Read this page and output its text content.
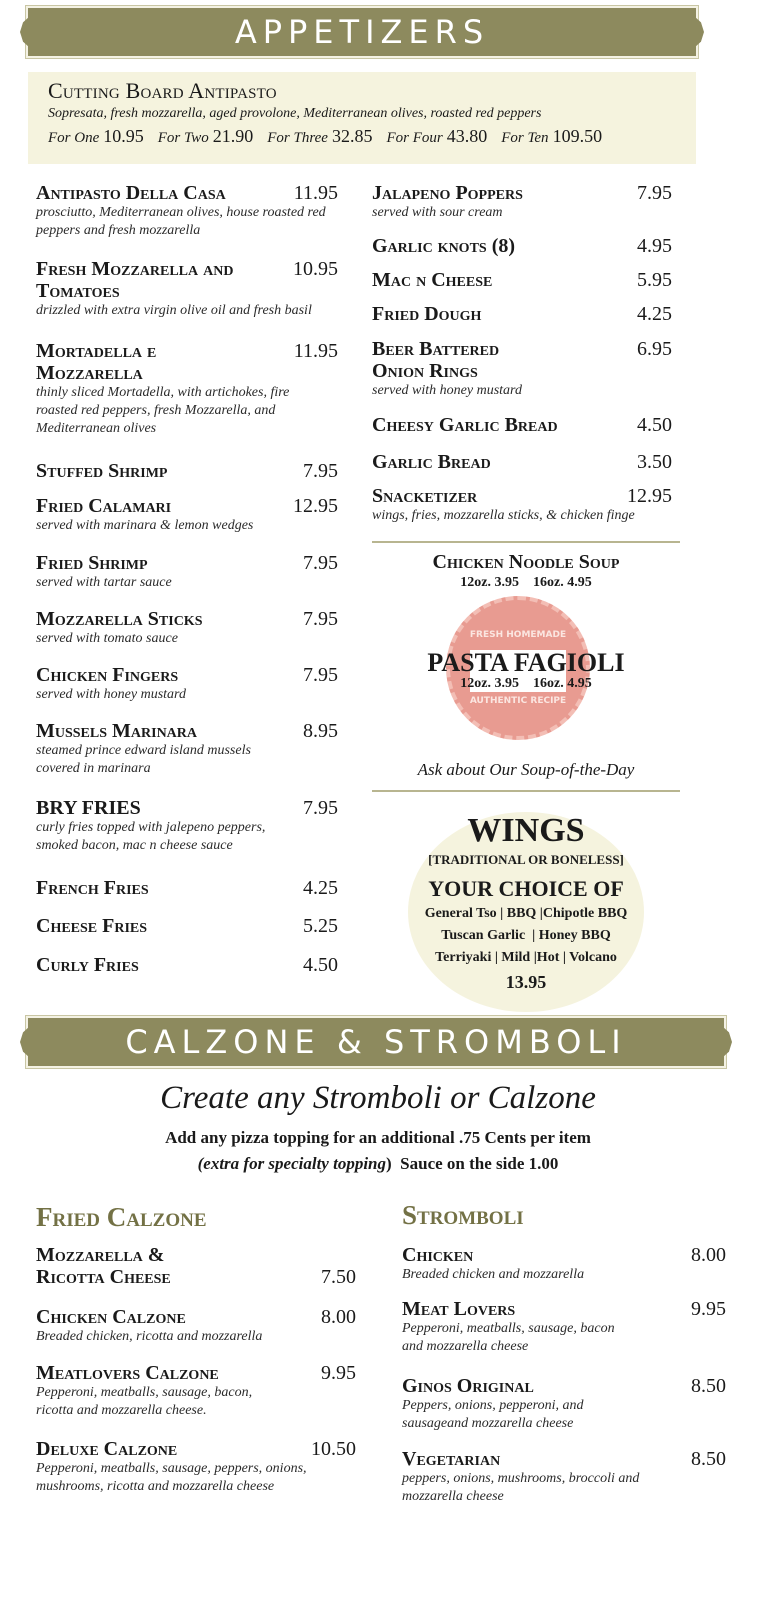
APPETIZERS
Cutting Board Antipasto
Sopresata, fresh mozzarella, aged provolone, Mediterranean olives, roasted red peppers
For One 10.95 For Two 21.90 For Three 32.85 For Four 43.80 For Ten 109.50
Antipasto Della Casa	11.95
prosciutto, Mediterranean olives, house roasted red peppers and fresh mozzarella
Fresh Mozzarella and Tomatoes
10.95
drizzled with extra virgin olive oil and fresh basil
Mortadella e Mozzarella
11.95
thinly sliced Mortadella, with artichokes, fire roasted red peppers, fresh Mozzarella, and Mediterranean olives
Stuffed Shrimp	7.95
Fried Calamari	12.95
served with marinara & lemon wedges
Fried Shrimp	7.95
served with tartar sauce
Mozzarella Sticks	7.95
served with tomato sauce
Chicken Fingers	7.95
served with honey mustard
Mussels Marinara	8.95
steamed prince edward island mussels covered in marinara
BRY FRIES	7.95
curly fries topped with jalepeno peppers, smoked bacon, mac n cheese sauce
French Fries	4.25
Cheese Fries	5.25
Curly Fries	4.50
Jalapeno Poppers	7.95
served with sour cream
Garlic knots (8)	4.95
Mac n Cheese	5.95
Fried Dough	4.25
Beer Battered Onion Rings
6.95
served with honey mustard
Cheesy Garlic Bread	4.50
Garlic Bread	3.50
Snacketizer	12.95
wings, fries, mozzarella sticks, & chicken finge
Chicken Noodle Soup
12oz. 3.95    16oz. 4.95
FRESH HOMEMADE
AUTHENTIC RECIPE
PASTA FAGIOLI
12oz. 3.95    16oz. 4.95
Ask about Our Soup-of-the-Day
WINGS
[TRADITIONAL OR BONELESS]
YOUR CHOICE OF
General Tso | BBQ |Chipotle BBQ
Tuscan Garlic  | Honey BBQ
Terriyaki | Mild |Hot | Volcano
13.95
CALZONE & STROMBOLI
Create any Stromboli or Calzone
Add any pizza topping for an additional .75 Cents per item
(extra for specialty topping)  Sauce on the side 1.00
Fried Calzone
Mozzarella & Ricotta Cheese	7.50
Chicken Calzone	8.00
Breaded chicken, ricotta and mozzarella
Meatlovers Calzone	9.95
Pepperoni, meatballs, sausage, bacon, ricotta and mozzarella cheese.
Deluxe Calzone	10.50
Pepperoni, meatballs, sausage, peppers, onions, mushrooms, ricotta and mozzarella cheese
Stromboli
Chicken	8.00
Breaded chicken and mozzarella
Meat Lovers	9.95
Pepperoni, meatballs, sausage, bacon and mozzarella cheese
Ginos Original	8.50
Peppers, onions, pepperoni, and sausageand mozzarella cheese
Vegetarian	8.50
peppers, onions, mushrooms, broccoli and mozzarella cheese
